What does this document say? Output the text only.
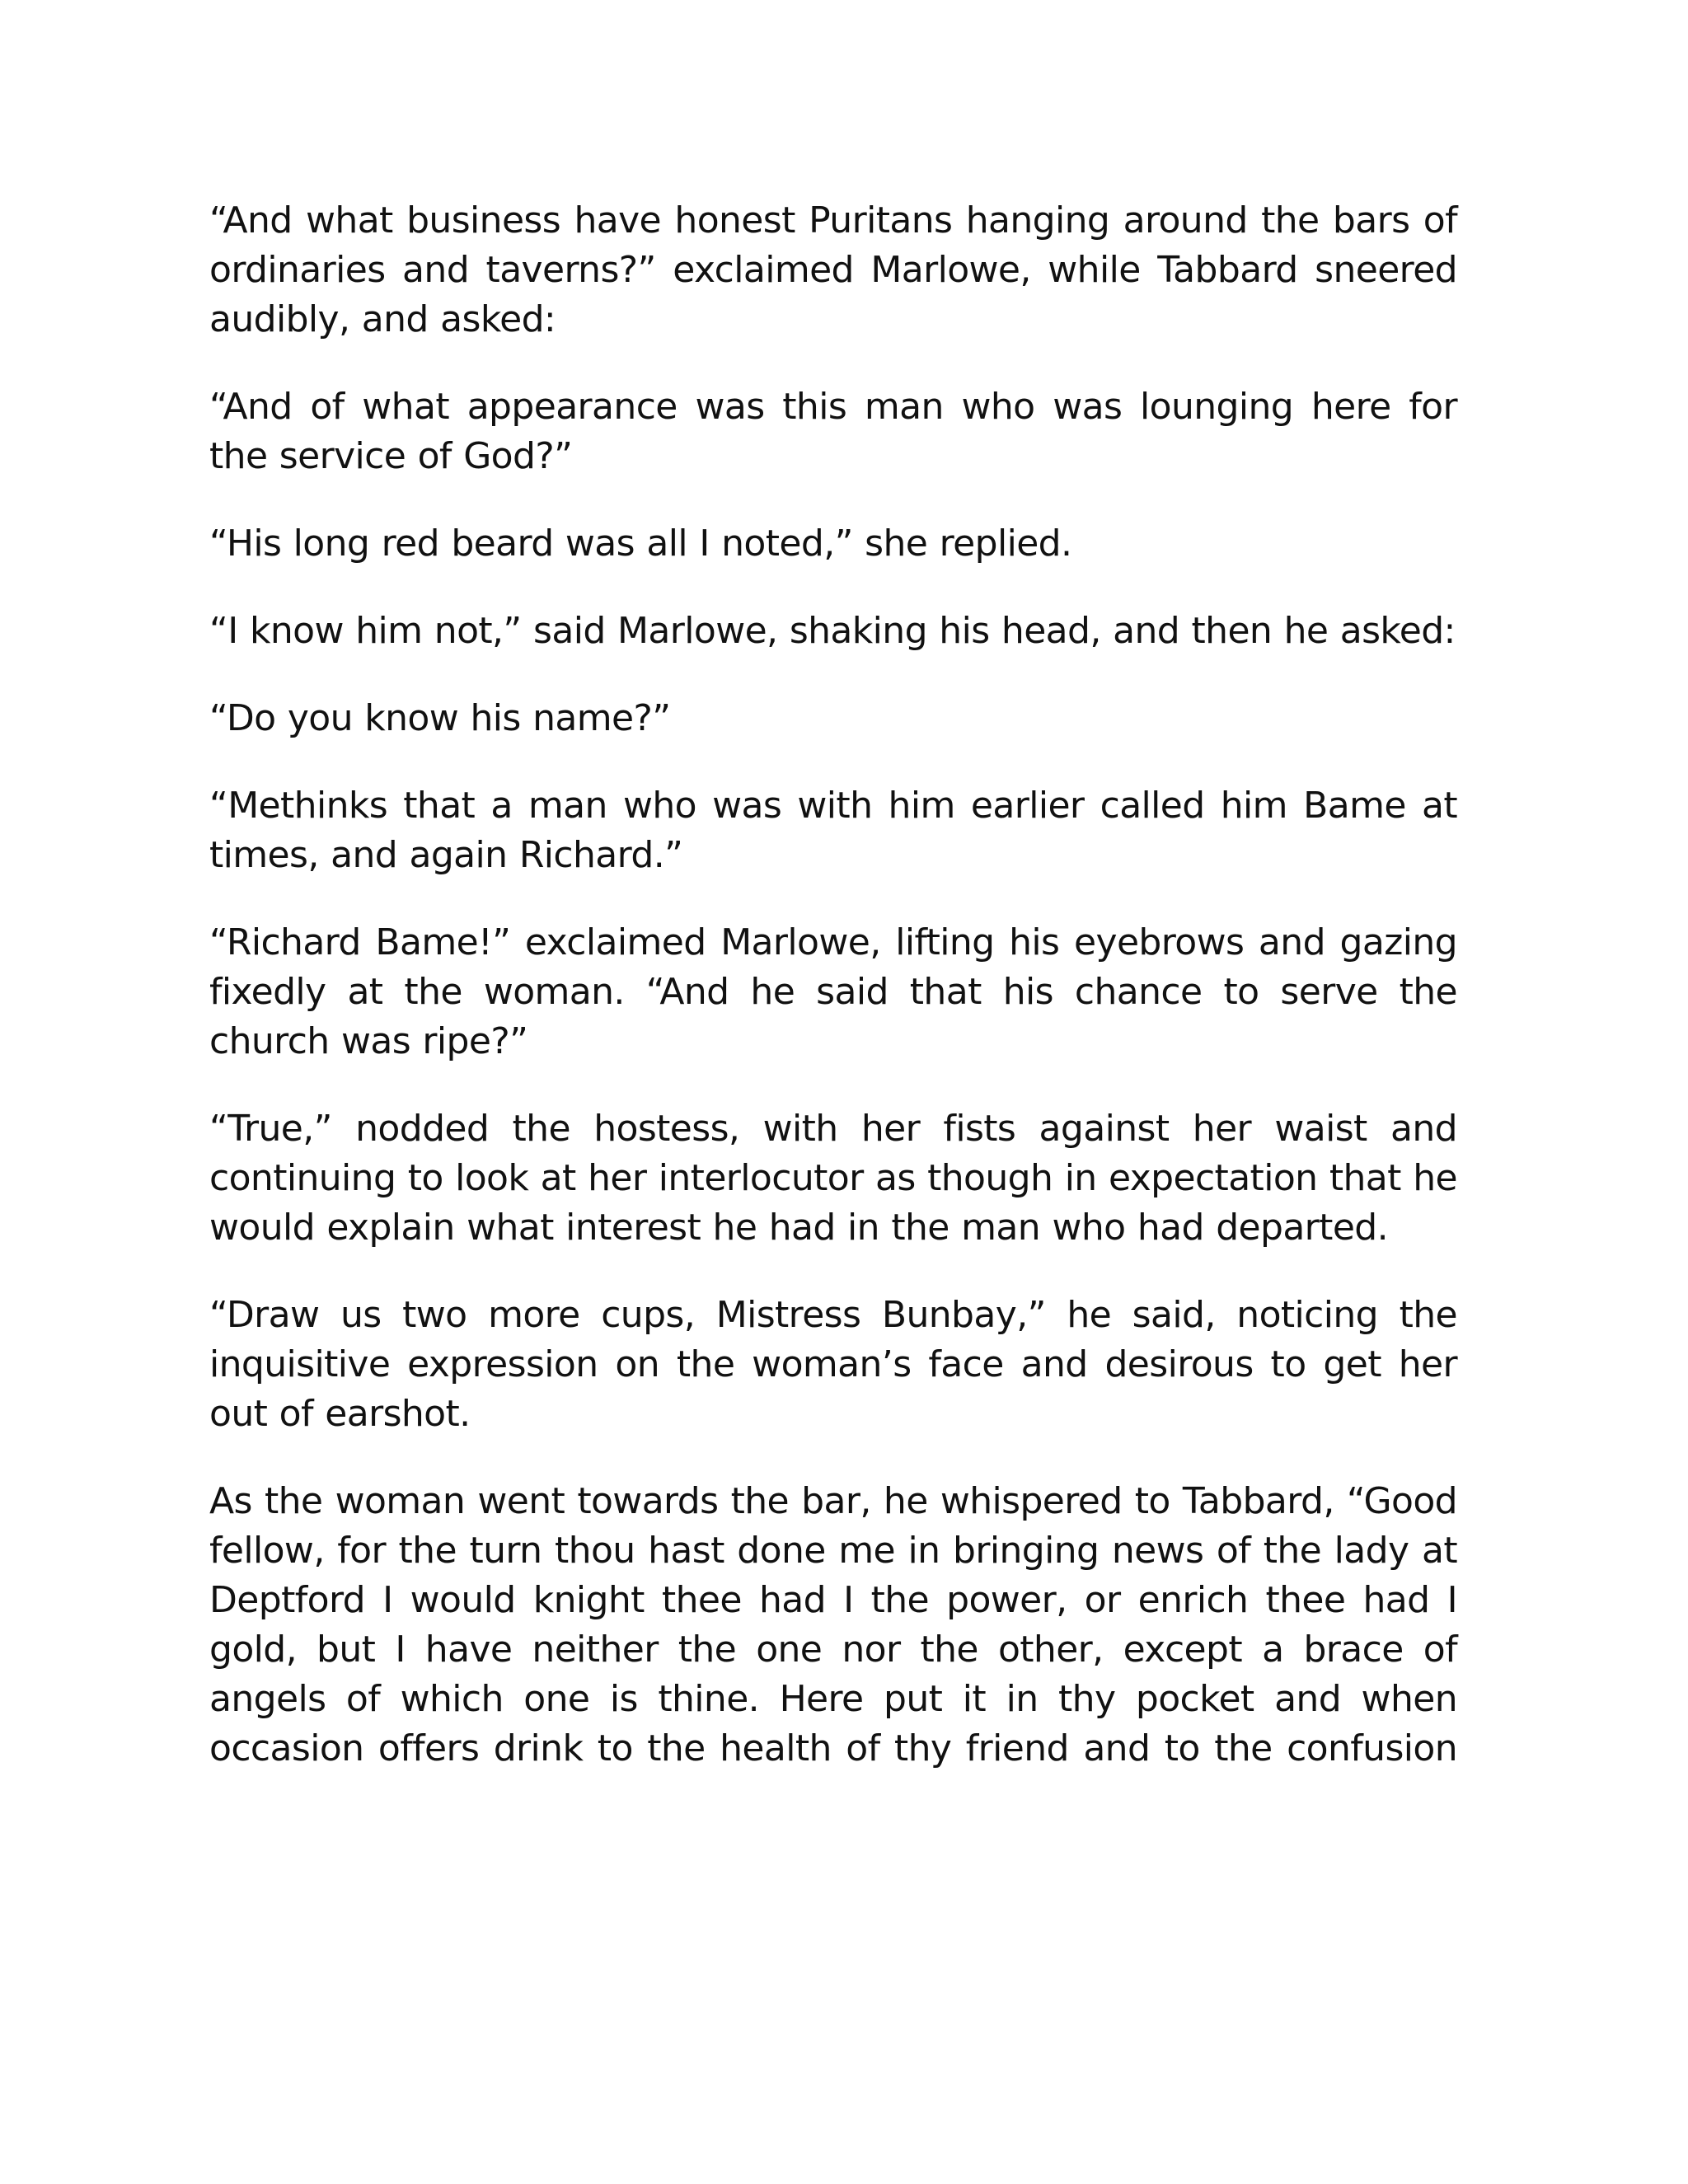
“And what business have honest Puritans hanging around the bars of ordinaries and taverns?” exclaimed Marlowe, while Tabbard sneered audibly, and asked:

“And of what appearance was this man who was lounging here for the service of God?”

“His long red beard was all I noted,” she replied.

“I know him not,” said Marlowe, shaking his head, and then he asked:

“Do you know his name?”

“Methinks that a man who was with him earlier called him Bame at times, and again Richard.”

“Richard Bame!” exclaimed Marlowe, lifting his eyebrows and gazing fixedly at the woman. “And he said that his chance to serve the church was ripe?”

“True,” nodded the hostess, with her fists against her waist and continuing to look at her interlocutor as though in expectation that he would explain what interest he had in the man who had departed.

“Draw us two more cups, Mistress Bunbay,” he said, noticing the inquisitive expression on the woman’s face and desirous to get her out of earshot.

As the woman went towards the bar, he whispered to Tabbard, “Good fellow, for the turn thou hast done me in bringing news of the lady at Deptford I would knight thee had I the power, or enrich thee had I gold, but I have neither the one nor the other, except a brace of angels of which one is thine. Here put it in thy pocket and when occasion offers drink to the health of thy friend and to the confusion
